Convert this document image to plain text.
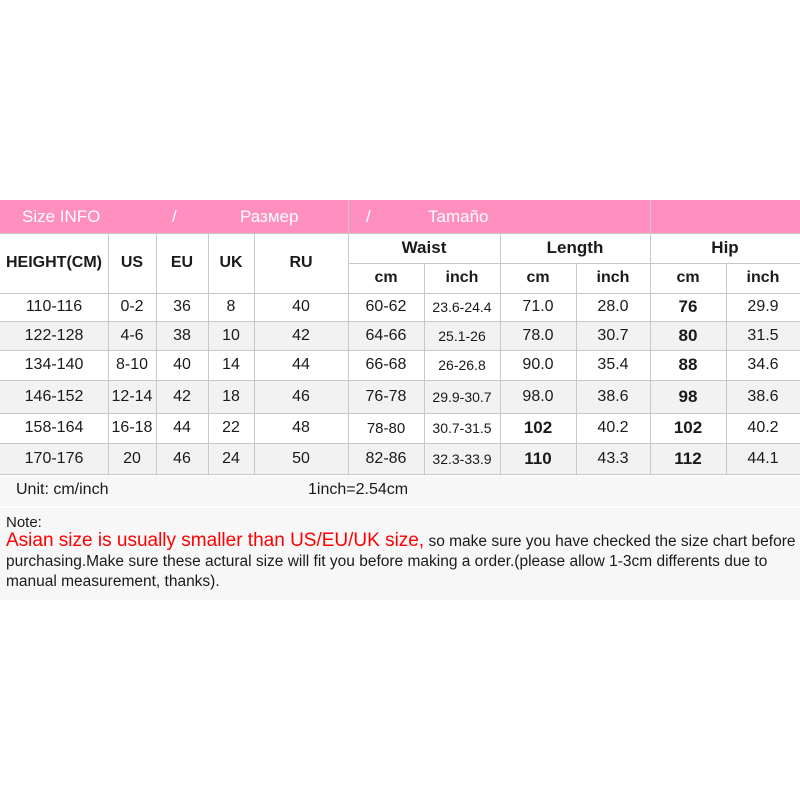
Size INFO	/	Размер	/	Tamaño
HEIGHT(CM)	US	EU	UK	RU
Waist	Length	Hip
cm	inch	cm	inch	cm	inch
110-116	0-2	36	8	40	60-62	23.6-24.4	71.0	28.0	76	29.9
122-128	4-6	38	10	42	64-66	25.1-26	78.0	30.7	80	31.5
134-140	8-10	40	14	44	66-68	26-26.8	90.0	35.4	88	34.6
146-152	12-14	42	18	46	76-78	29.9-30.7	98.0	38.6	98	38.6
158-164	16-18	44	22	48	78-80	30.7-31.5	102	40.2	102	40.2
170-176	20	46	24	50	82-86	32.3-33.9	110	43.3	112	44.1
Unit: cm/inch	1inch=2.54cm
Note:
Asian size is usually smaller than US/EU/UK size, so make sure you have checked the size chart before purchasing.Make sure these actural size will fit you before making a order.(please allow 1-3cm differents due to manual measurement, thanks).
